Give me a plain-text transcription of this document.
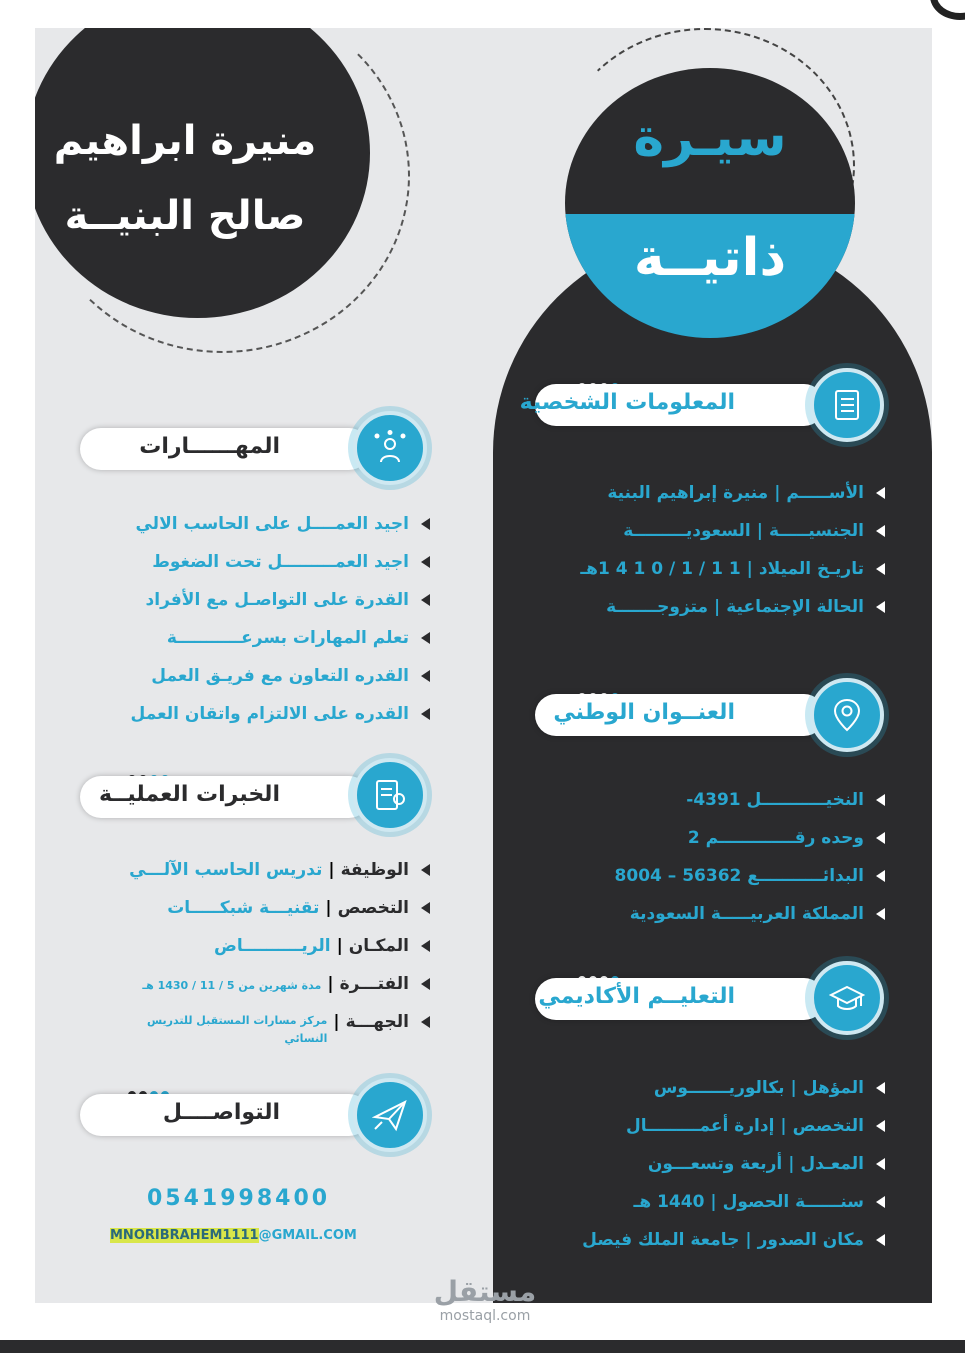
سيـرة
ذاتيــة
منيرة ابراهيم
صالح البنيــة
المعلومات الشخصية
الأســـــم|منيرة إبراهيم البنية
الجنسيـــــة|السعوديـــــــــة
تاريـخ الميلاد|1 1 / 1 / 0 1 4 1هـ
الحالة الإجتماعية|متزوجـــــــة
العنــوان الوطني
النخيـــــــــــل 4391-
وحده رقـــــــــــــم 2
البدائـــــــــــع 56362 – 8004
المملكة العربيـــــة السعودية
التعليــم الأكاديمي
المؤهل|بكالوريـــــــوس
التخصص|إدارة أعمـــــــــال
المعـدل|أربعة وتسعـــون
سنــــــة الحصول|1440 هـ
مكان الصدور|جامعة الملك فيصل
المهــــــارات
اجيد العمــــل على الحاسب الالي
اجيد العمـــــــــل تحت الضغوط
القدرة على التواصـل مع الأفراد
تعلم المهارات بسرعـــــــــــة
القدره التعاون مع فريـق العمل
القدره على الالتزام واتقان العمل
الخبرات العمليــة
الوظيفة|تدريس الحاسب الآلـــي
التخصص|تقنيـــة شبكـــــات
المكـان|الريــــــــــاض
الفتـــرة|مدة شهرين من 5 / 11 / 1430 هـ
الجهـــة|مركز مسارات المستقبل للتدريس النسائي
التواصــــل
0541998400
MNORIBRAHEM1111@GMAIL.COM
مستقل
mostaql.com
